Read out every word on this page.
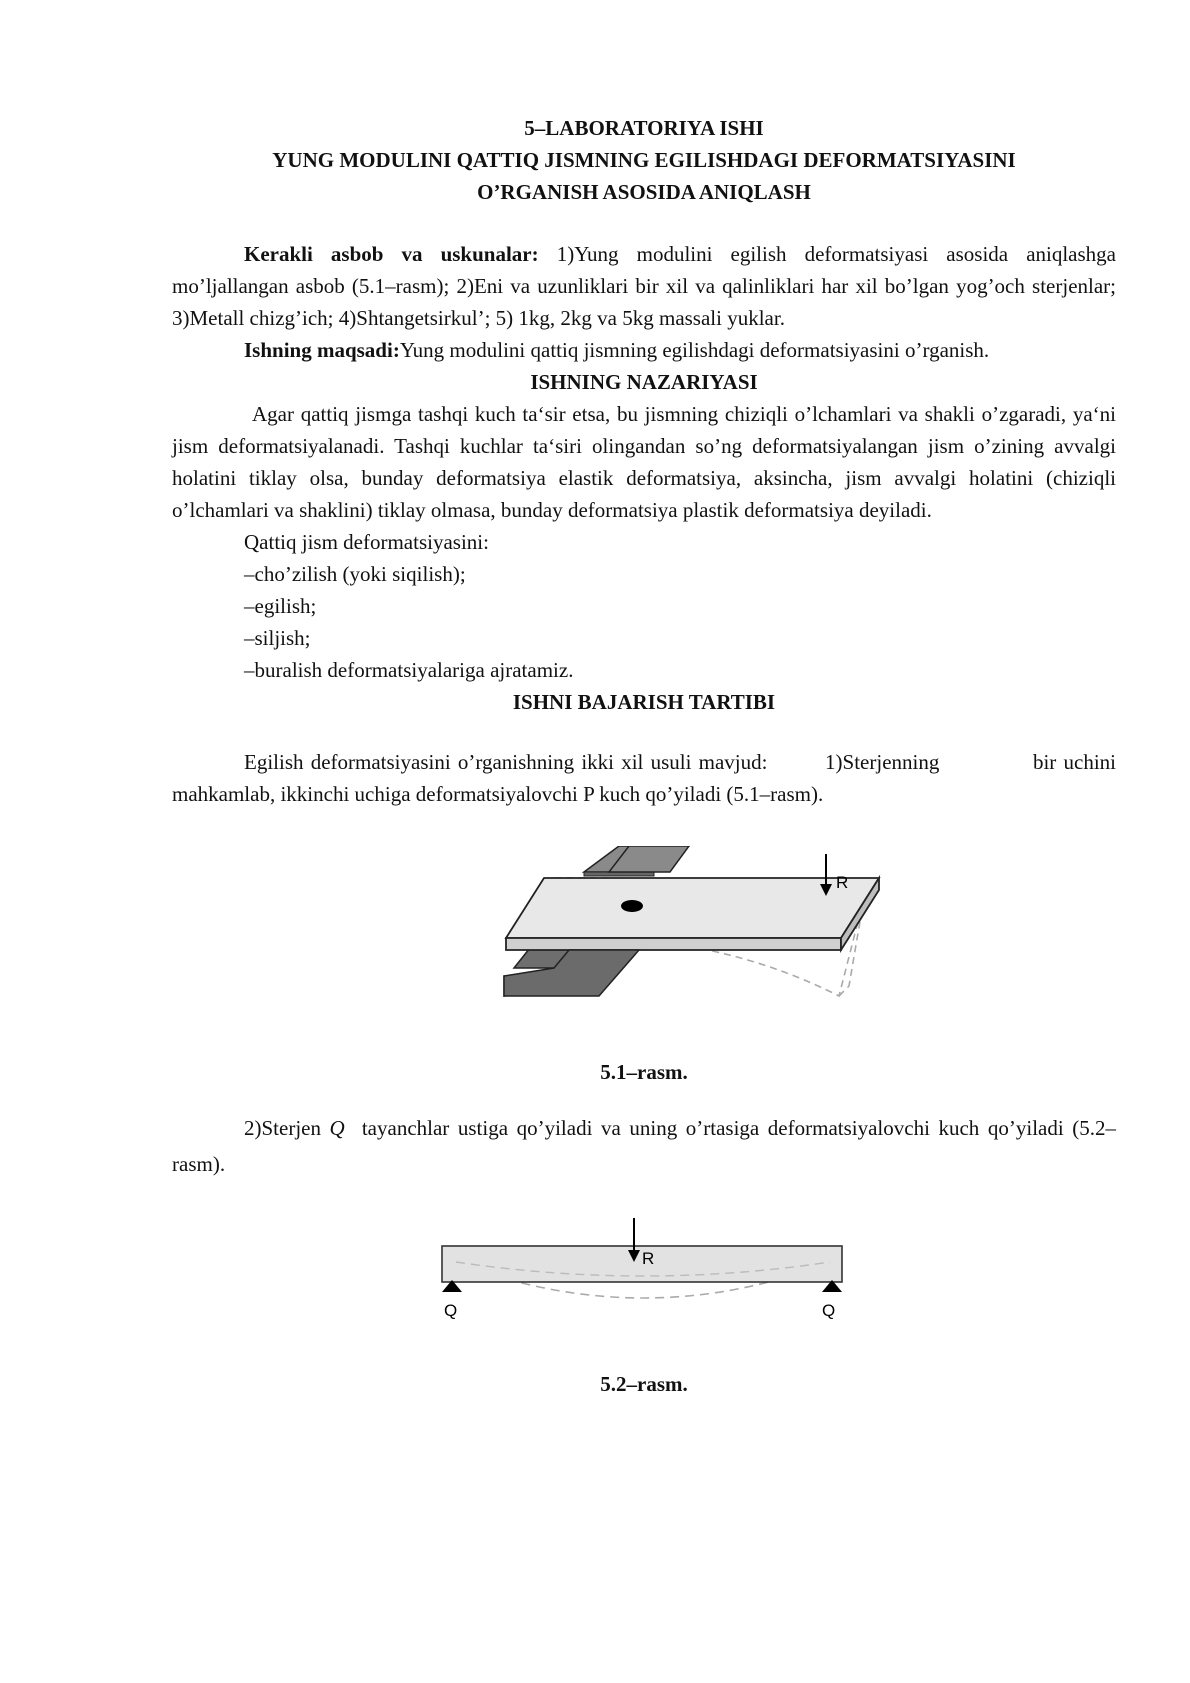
5–LABORATORIYA ISHI
YUNG MODULINI QATTIQ JISMNING EGILISHDAGI DEFORMATSIYASINI
O’RGANISH ASOSIDA ANIQLASH

Kerakli asbob va uskunalar: 1)Yung modulini egilish deformatsiyasi asosida aniqlashga mo’ljallangan asbob (5.1–rasm); 2)Eni va uzunliklari bir xil va qalinliklari har xil bo’lgan yog’och sterjenlar; 3)Metall chizg’ich; 4)Shtangetsirkul’; 5) 1kg, 2kg va 5kg massali yuklar.

Ishning maqsadi:Yung modulini qattiq jismning egilishdagi deformatsiyasini o’rganish.

ISHNING NAZARIYASI

Agar qattiq jismga tashqi kuch ta‘sir etsa, bu jismning chiziqli o’lchamlari va shakli o’zgaradi, ya‘ni jism deformatsiyalanadi. Tashqi kuchlar ta‘siri olingandan so’ng deformatsiyalangan jism o’zining avvalgi holatini tiklay olsa, bunday deformatsiya elastik deformatsiya, aksincha, jism avvalgi holatini (chiziqli o’lchamlari va shaklini) tiklay olmasa, bunday deformatsiya plastik deformatsiya deyiladi.

Qattiq jism deformatsiyasini:
–cho’zilish (yoki siqilish);
–egilish;
–siljish;
–buralish deformatsiyalariga ajratamiz.
ISHNI BAJARISH TARTIBI

Egilish deformatsiyasini o’rganishning ikki xil usuli mavjud:        1)Sterjenning             bir uchini mahkamlab, ikkinchi uchiga deformatsiyalovchi P kuch qo’yiladi (5.1–rasm).

R
5.1–rasm.

2)Sterjen Q  tayanchlar ustiga qo’yiladi va uning o’rtasiga deformatsiyalovchi kuch qo’yiladi (5.2–rasm).

R
Q	Q
5.2–rasm.
